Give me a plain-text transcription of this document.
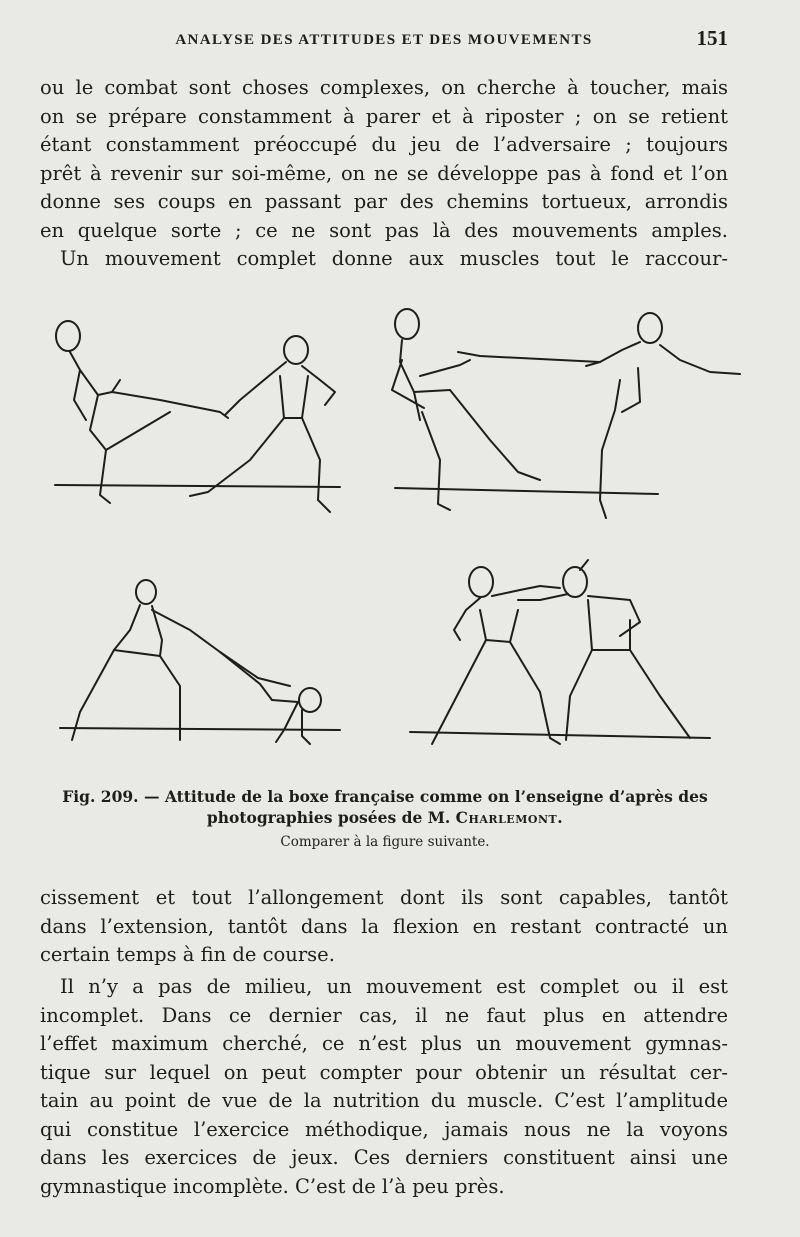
ANALYSE DES ATTITUDES ET DES MOUVEMENTS	151
ou le combat sont choses complexes, on cherche à toucher, mais
on se prépare constamment à parer et à riposter ; on se retient
étant constamment préoccupé du jeu de l’adversaire ; toujours
prêt à revenir sur soi-même, on ne se développe pas à fond et l’on
donne ses coups en passant par des chemins tortueux, arrondis
en quelque sorte ; ce ne sont pas là des mouvements amples.
Un mouvement complet donne aux muscles tout le raccour-
Fig. 209. — Attitude de la boxe française comme on l’enseigne d’après des
photographies posées de M. Charlemont.
Comparer à la figure suivante.
cissement et tout l’allongement dont ils sont capables, tantôt
dans l’extension, tantôt dans la flexion en restant contracté un
certain temps à fin de course.
Il n’y a pas de milieu, un mouvement est complet ou il est
incomplet. Dans ce dernier cas, il ne faut plus en attendre
l’effet maximum cherché, ce n’est plus un mouvement gymnas-
tique sur lequel on peut compter pour obtenir un résultat cer-
tain au point de vue de la nutrition du muscle. C’est l’amplitude
qui constitue l’exercice méthodique, jamais nous ne la voyons
dans les exercices de jeux. Ces derniers constituent ainsi une
gymnastique incomplète. C’est de l’à peu près.
